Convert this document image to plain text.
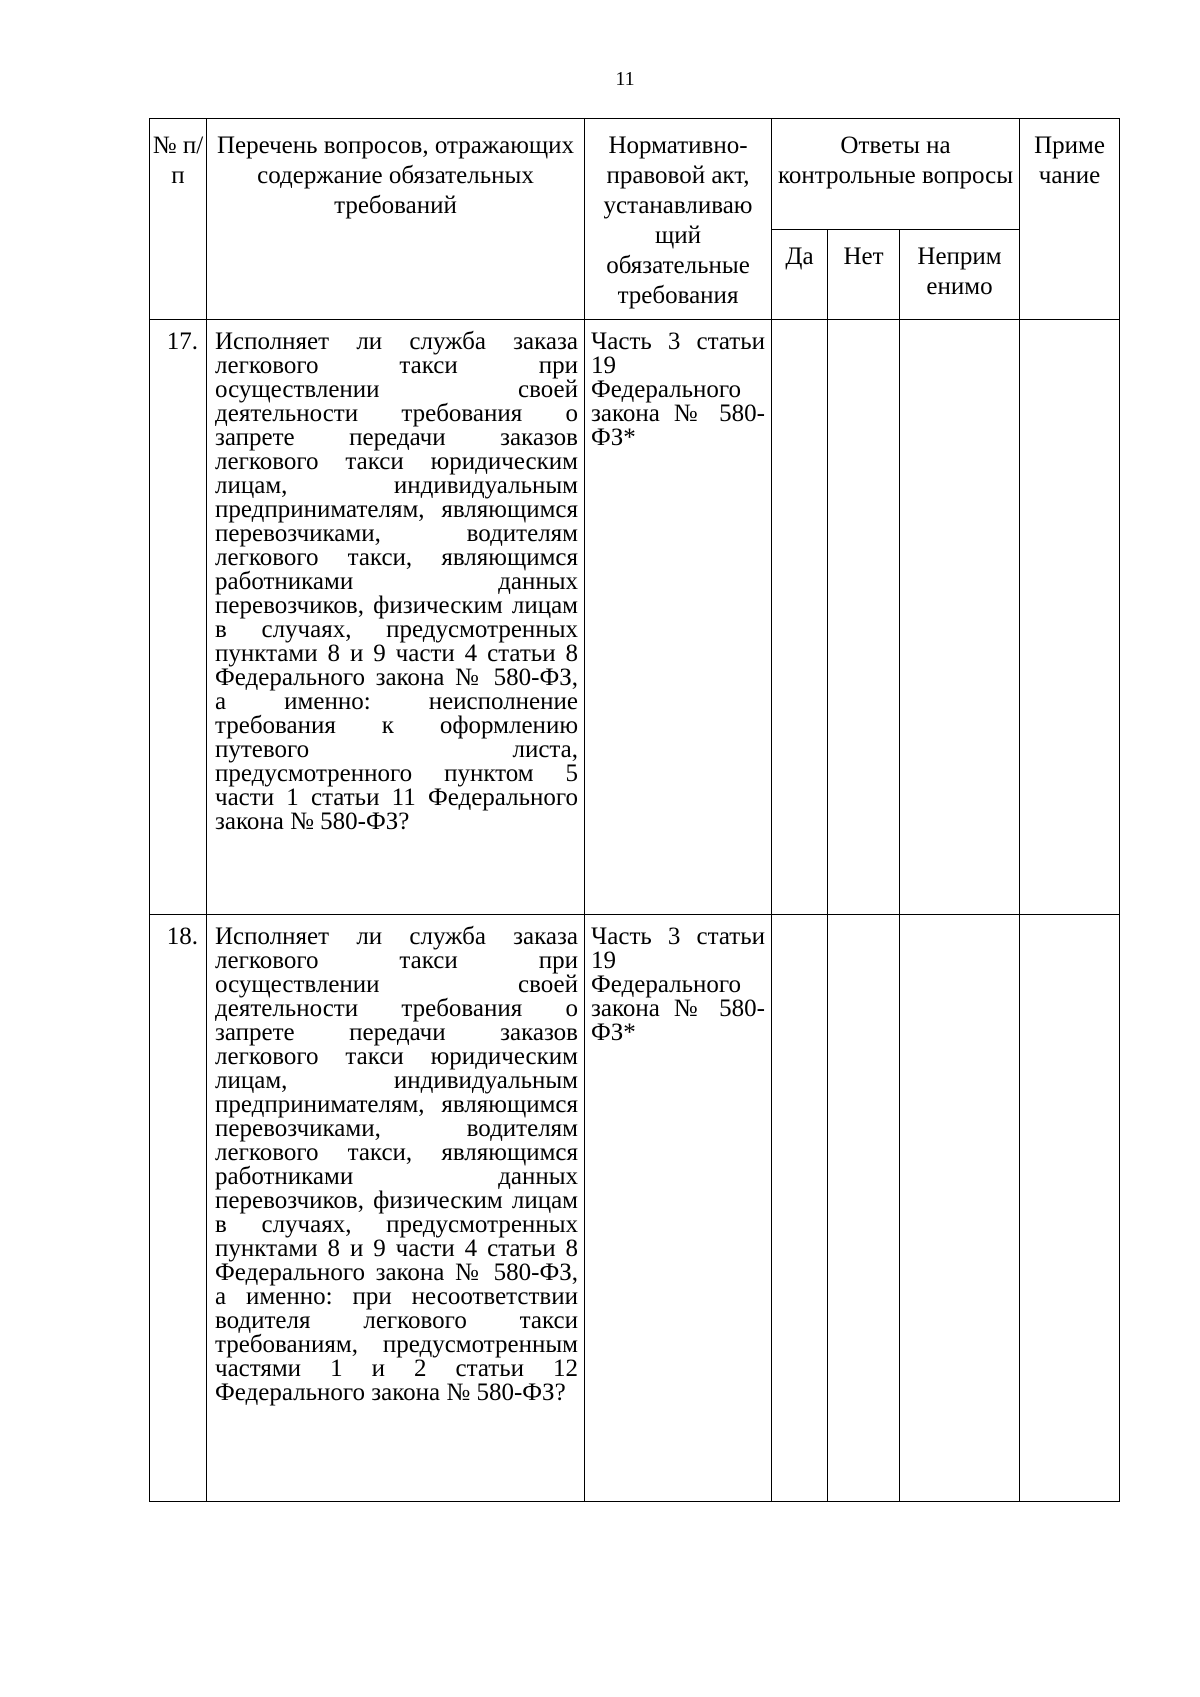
11
№ п/п	Перечень вопросов, отражающих содержание обязательных требований	Нормативно-правовой акт, устанавливаю щий обязательные требования	Ответы на контрольные вопросы			Приме чание
			Да	Нет	Неприм енимо	
17.	Исполняет ли служба заказа легкового такси при осуществлении своей деятельности требования о запрете передачи заказов легкового такси юридическим лицам, индивидуальным предпринимателям, являющимся перевозчиками, водителям легкового такси, являющимся работниками данных перевозчиков, физическим лицам в случаях, предусмотренных пунктами 8 и 9 части 4 статьи 8 Федерального закона № 580-ФЗ, а именно: неисполнение требования к оформлению путевого листа, предусмотренного пунктом 5 части 1 статьи 11 Федерального закона № 580-ФЗ?	Часть 3 статьи 19 Федерального закона № 580-ФЗ*				
18.	Исполняет ли служба заказа легкового такси при осуществлении своей деятельности требования о запрете передачи заказов легкового такси юридическим лицам, индивидуальным предпринимателям, являющимся перевозчиками, водителям легкового такси, являющимся работниками данных перевозчиков, физическим лицам в случаях, предусмотренных пунктами 8 и 9 части 4 статьи 8 Федерального закона № 580-ФЗ, а именно: при несоответствии водителя легкового такси требованиям, предусмотренным частями 1 и 2 статьи 12 Федерального закона № 580-ФЗ?	Часть 3 статьи 19 Федерального закона № 580-ФЗ*				
